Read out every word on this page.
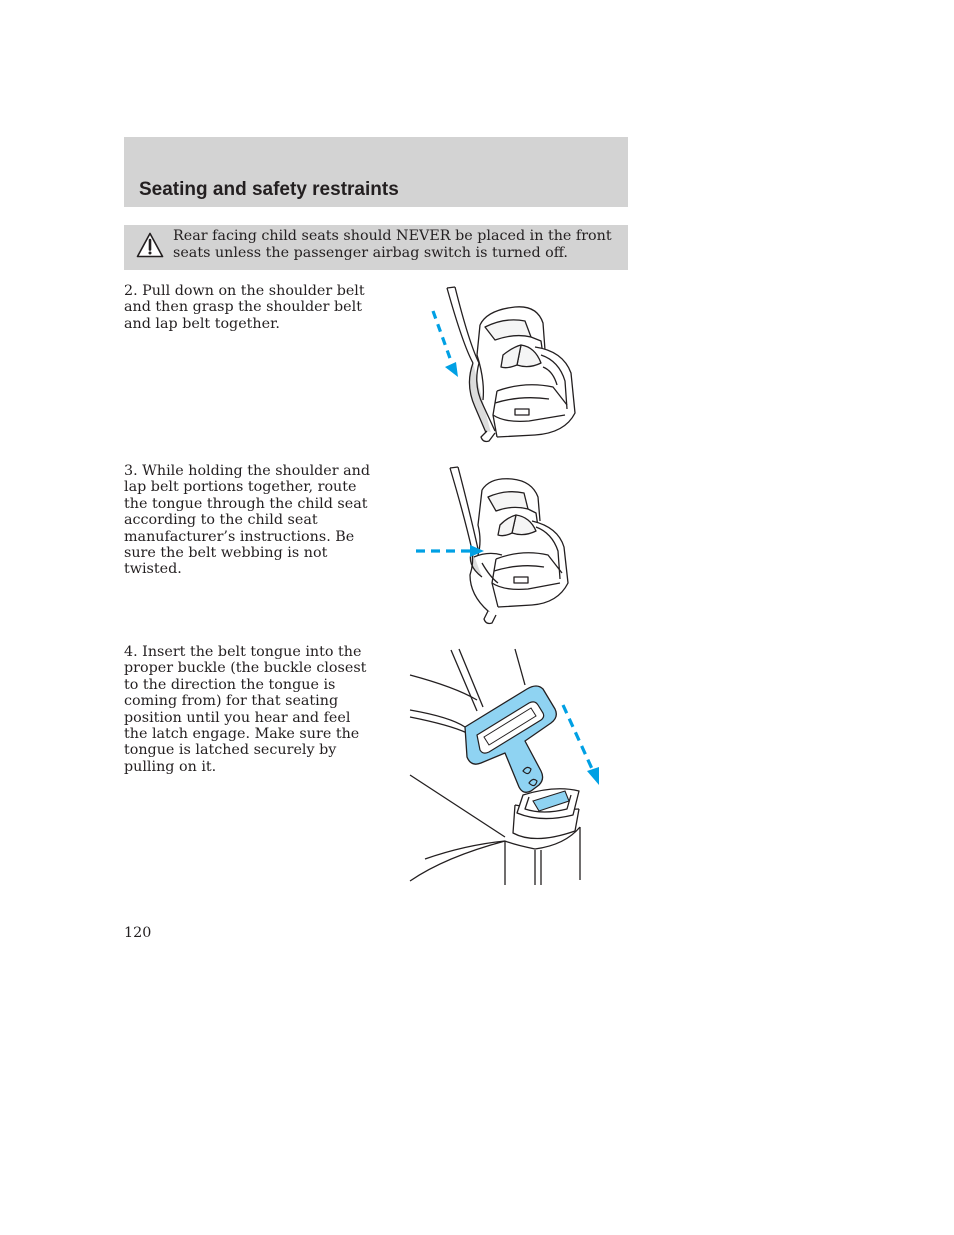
Seating and safety restraints
Rear facing child seats should NEVER be placed in the front seats unless the passenger airbag switch is turned off.
2. Pull down on the shoulder belt and then grasp the shoulder belt and lap belt together.
3. While holding the shoulder and lap belt portions together, route the tongue through the child seat according to the child seat manufacturer’s instructions. Be sure the belt webbing is not twisted.
4. Insert the belt tongue into the proper buckle (the buckle closest to the direction the tongue is coming from) for that seating position until you hear and feel the latch engage. Make sure the tongue is latched securely by pulling on it.
120
